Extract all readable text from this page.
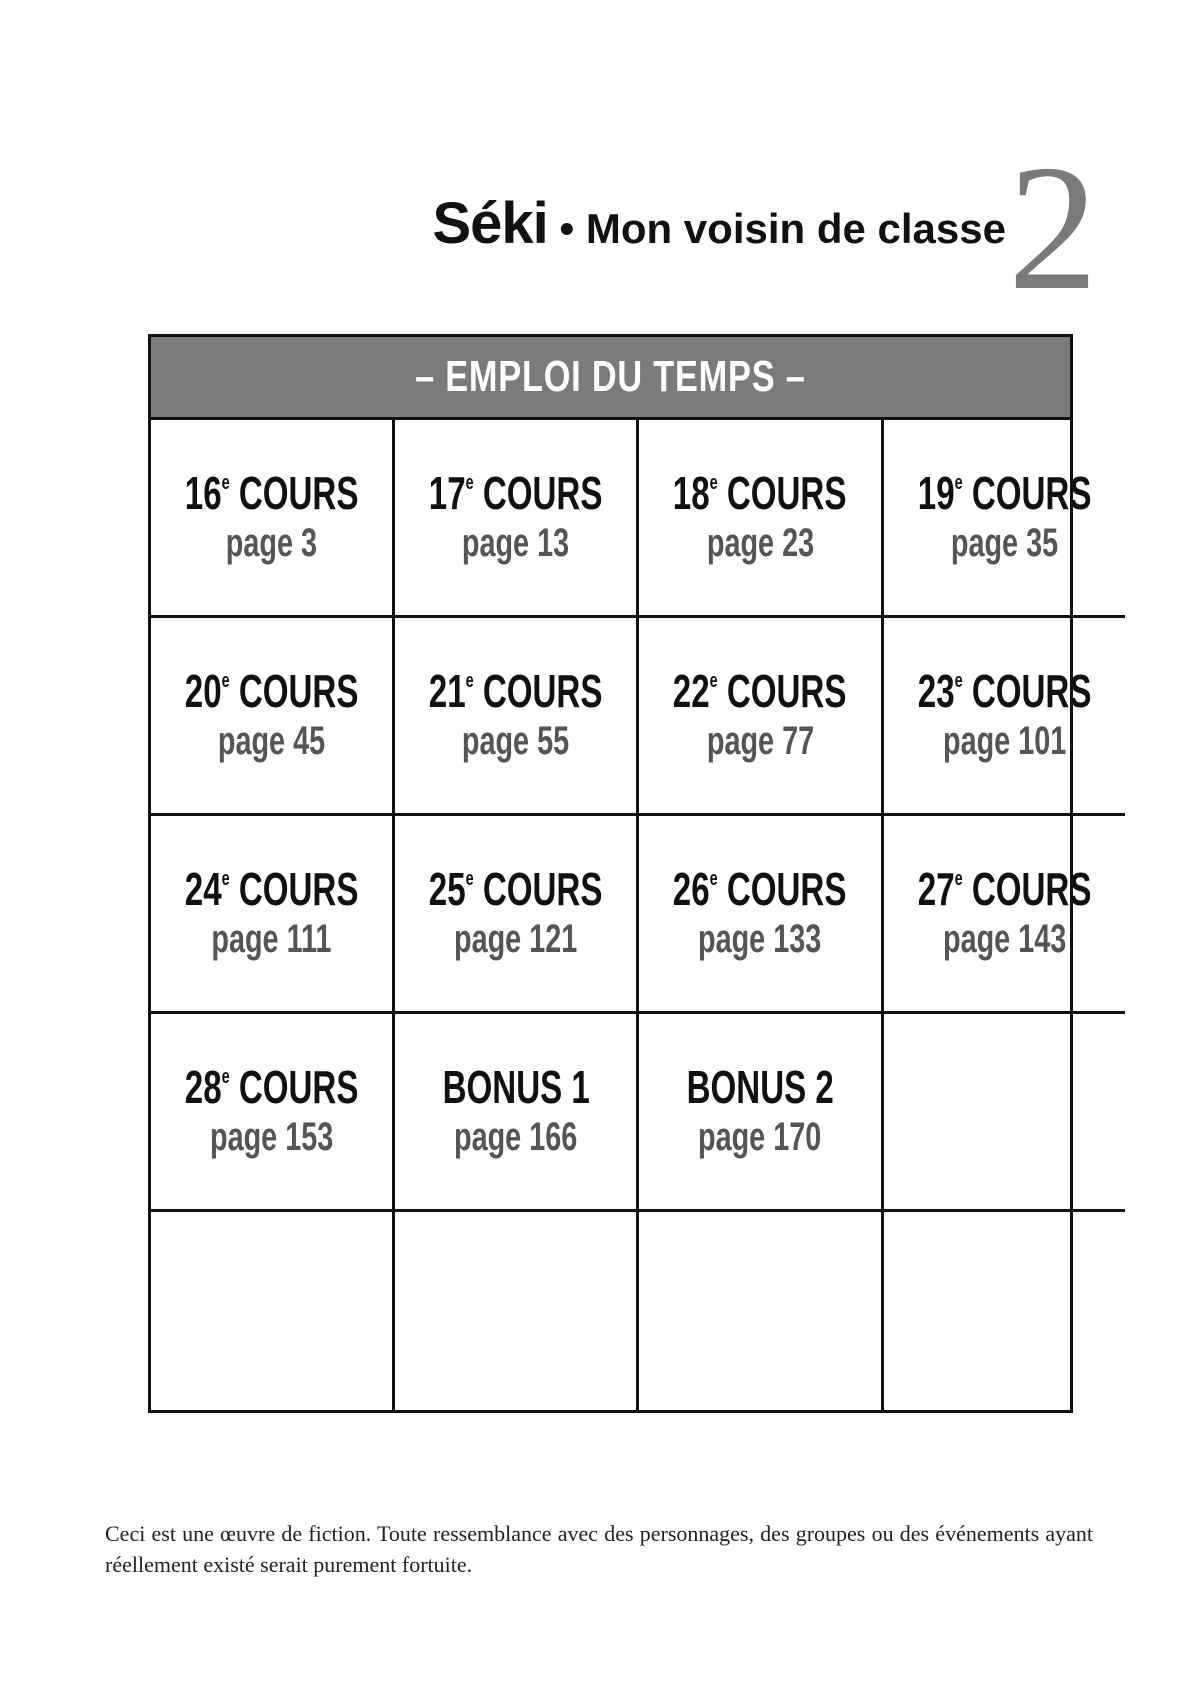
Séki • Mon voisin de classe 2
– EMPLOI DU TEMPS –
16e COURS
page 3
17e COURS
page 13
18e COURS
page 23
19e COURS
page 35
20e COURS
page 45
21e COURS
page 55
22e COURS
page 77
23e COURS
page 101
24e COURS
page 111
25e COURS
page 121
26e COURS
page 133
27e COURS
page 143
28e COURS
page 153
BONUS 1
page 166
BONUS 2
page 170
Ceci est une œuvre de fiction. Toute ressemblance avec des personnages, des groupes ou des événements ayant réellement existé serait purement fortuite.
